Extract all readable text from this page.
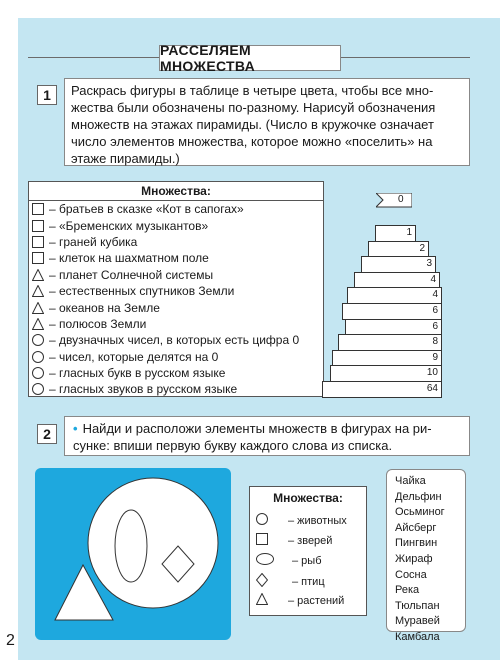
2
РАССЕЛЯЕМ МНОЖЕСТВА
1	Раскрась фигуры в таблице в четыре цвета, чтобы все мно-
жества были обозначены по-разному. Нарисуй обозначения
множеств на этажах пирамиды. (Число в кружочке означает
число элементов множества, которое можно «поселить» на
этаже пирамиды.)
Множества:
– братьев в сказке «Кот в сапогах»
– «Бременских музыкантов»
– граней кубика
– клеток на шахматном поле
– планет Солнечной системы
– естественных спутников Земли
– океанов на Земле
– полюсов Земли
– двузначных чисел, в которых есть цифра 0
– чисел, которые делятся на 0
– гласных букв в русском языке
– гласных звуков в русском языке
0
1
2
3
4
4
6
6
8
9
10
64
2	• Найди и расположи элементы множеств в фигурах на ри-
сунке: впиши первую букву каждого слова из списка.
Множества:
– животных
– зверей
– рыб
– птиц
– растений
Чайка
Дельфин
Осьминог
Айсберг
Пингвин
Жираф
Сосна
Река
Тюльпан
Муравей
Камбала
